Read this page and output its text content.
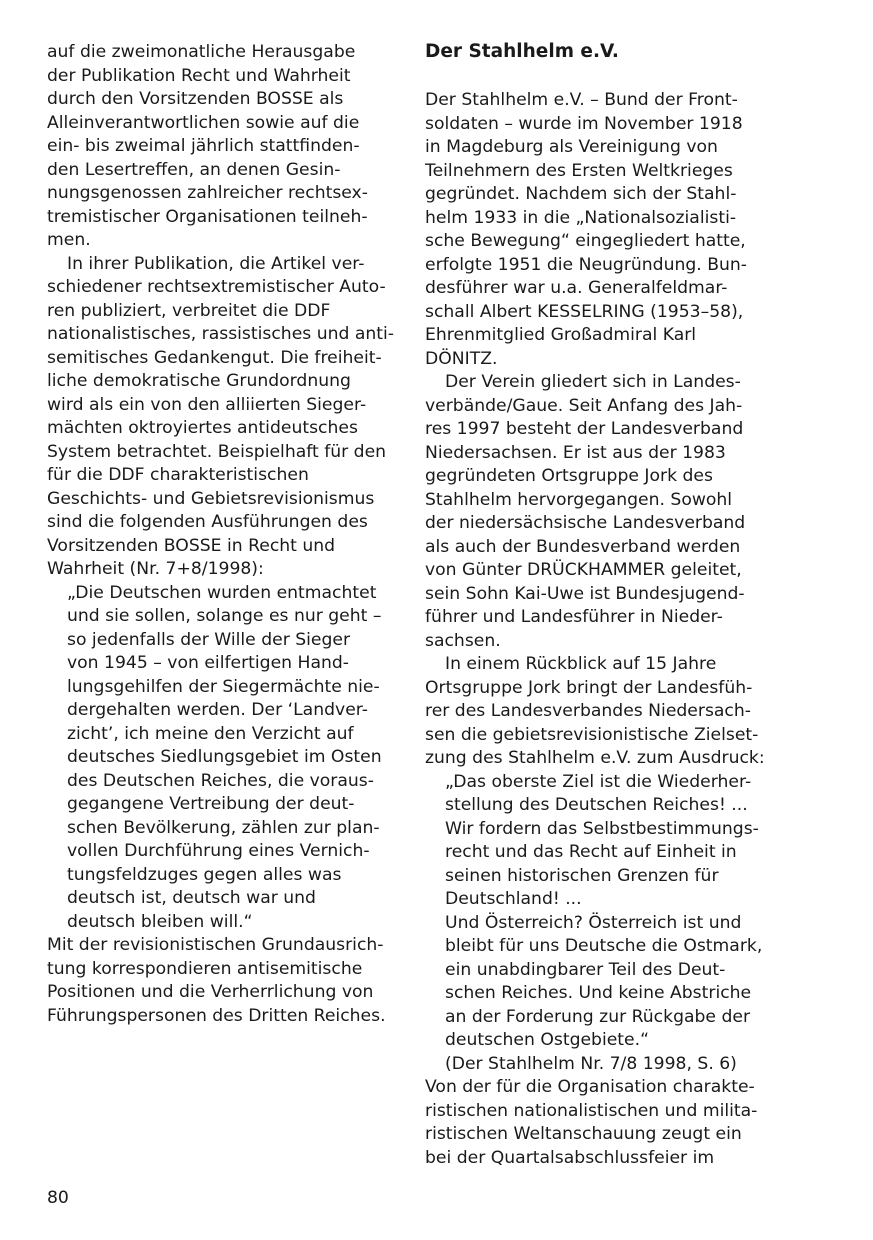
auf die zweimonatliche Herausgabe
der Publikation Recht und Wahrheit
durch den Vorsitzenden BOSSE als
Alleinverantwortlichen sowie auf die
ein- bis zweimal jährlich stattfinden-
den Lesertreffen, an denen Gesin-
nungsgenossen zahlreicher rechtsex-
tremistischer Organisationen teilneh-
men.
In ihrer Publikation, die Artikel ver-
schiedener rechtsextremistischer Auto-
ren publiziert, verbreitet die DDF
nationalistisches, rassistisches und anti-
semitisches Gedankengut. Die freiheit-
liche demokratische Grundordnung
wird als ein von den alliierten Sieger-
mächten oktroyiertes antideutsches
System betrachtet. Beispielhaft für den
für die DDF charakteristischen
Geschichts- und Gebietsrevisionismus
sind die folgenden Ausführungen des
Vorsitzenden BOSSE in Recht und
Wahrheit (Nr. 7+8/1998):
„Die Deutschen wurden entmachtet
und sie sollen, solange es nur geht –
so jedenfalls der Wille der Sieger
von 1945 – von eilfertigen Hand-
lungsgehilfen der Siegermächte nie-
dergehalten werden. Der ‘Landver-
zicht’, ich meine den Verzicht auf
deutsches Siedlungsgebiet im Osten
des Deutschen Reiches, die voraus-
gegangene Vertreibung der deut-
schen Bevölkerung, zählen zur plan-
vollen Durchführung eines Vernich-
tungsfeldzuges gegen alles was
deutsch ist, deutsch war und
deutsch bleiben will.“
Mit der revisionistischen Grundausrich-
tung korrespondieren antisemitische
Positionen und die Verherrlichung von
Führungspersonen des Dritten Reiches.
Der Stahlhelm e.V.
Der Stahlhelm e.V. – Bund der Front-
soldaten – wurde im November 1918
in Magdeburg als Vereinigung von
Teilnehmern des Ersten Weltkrieges
gegründet. Nachdem sich der Stahl-
helm 1933 in die „Nationalsozialisti-
sche Bewegung“ eingegliedert hatte,
erfolgte 1951 die Neugründung. Bun-
desführer war u.a. Generalfeldmar-
schall Albert KESSELRING (1953–58),
Ehrenmitglied Großadmiral Karl
DÖNITZ.
Der Verein gliedert sich in Landes-
verbände/Gaue. Seit Anfang des Jah-
res 1997 besteht der Landesverband
Niedersachsen. Er ist aus der 1983
gegründeten Ortsgruppe Jork des
Stahlhelm hervorgegangen. Sowohl
der niedersächsische Landesverband
als auch der Bundesverband werden
von Günter DRÜCKHAMMER geleitet,
sein Sohn Kai-Uwe ist Bundesjugend-
führer und Landesführer in Nieder-
sachsen.
In einem Rückblick auf 15 Jahre
Ortsgruppe Jork bringt der Landesfüh-
rer des Landesverbandes Niedersach-
sen die gebietsrevisionistische Zielset-
zung des Stahlhelm e.V. zum Ausdruck:
„Das oberste Ziel ist die Wiederher-
stellung des Deutschen Reiches! ...
Wir fordern das Selbstbestimmungs-
recht und das Recht auf Einheit in
seinen historischen Grenzen für
Deutschland! ...
Und Österreich? Österreich ist und
bleibt für uns Deutsche die Ostmark,
ein unabdingbarer Teil des Deut-
schen Reiches. Und keine Abstriche
an der Forderung zur Rückgabe der
deutschen Ostgebiete.“
(Der Stahlhelm Nr. 7/8 1998, S. 6)
Von der für die Organisation charakte-
ristischen nationalistischen und milita-
ristischen Weltanschauung zeugt ein
bei der Quartalsabschlussfeier im
80
